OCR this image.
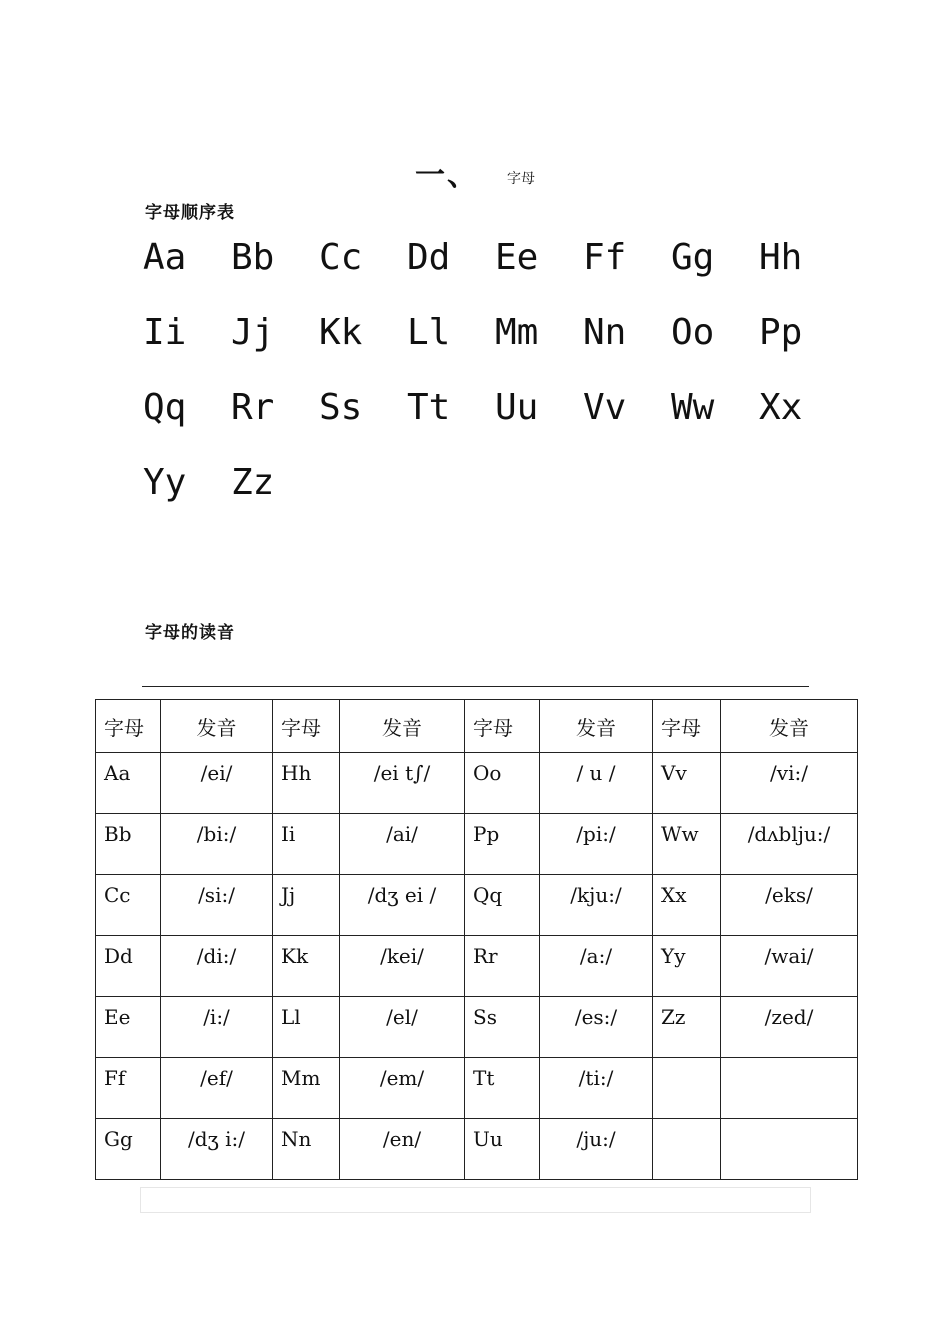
一、 字母
字母顺序表
Aa	Bb	Cc	Dd	Ee	Ff	Gg	Hh
Ii	Jj	Kk	Ll	Mm	Nn	Oo	Pp
Qq	Rr	Ss	Tt	Uu	Vv	Ww	Xx
Yy	Zz
字母的读音
字母	发音	字母	发音	字母	发音	字母	发音
Aa	/ei/	Hh	/ei t∫/	Oo	/ u /	Vv	/vi:/
Bb	/bi:/	Ii	/ai/	Pp	/pi:/	Ww	/dʌblju:/
Cc	/si:/	Jj	/dʒ ei /	Qq	/kju:/	Xx	/eks/
Dd	/di:/	Kk	/kei/	Rr	/a:/	Yy	/wai/
Ee	/i:/	Ll	/el/	Ss	/es:/	Zz	/zed/
Ff	/ef/	Mm	/em/	Tt	/ti:/		
Gg	/dʒ i:/	Nn	/en/	Uu	/ju:/		
